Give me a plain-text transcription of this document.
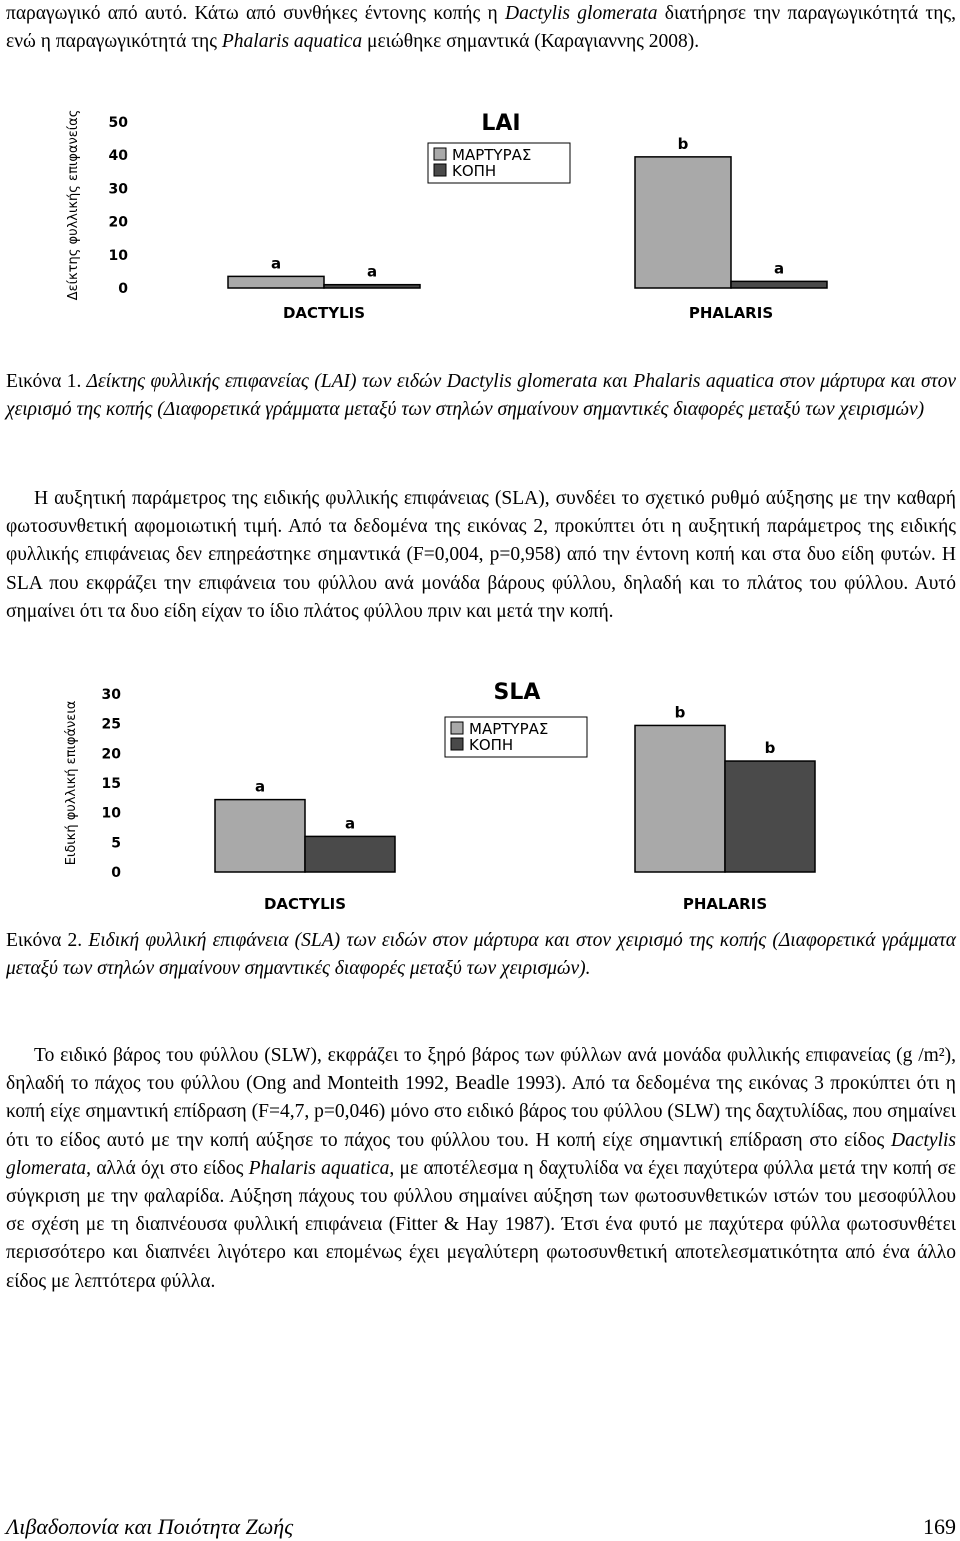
παραγωγικό από αυτό. Κάτω από συνθήκες έντονης κοπής η Dactylis glomerata διατήρησε την παραγωγικότητά της, ενώ η παραγωγικότητά της Phalaris aquatica μειώθηκε σημαντικά (Καραγιαννης 2008).

Δείκτης φυλλικής επιφανείας	0
10
20
30
40
50
a	a
DACTYLIS
b
a
PHALARIS
LAI
ΜΑΡΤΥΡΑΣ
ΚΟΠΗ

Εικόνα 1. Δείκτης φυλλικής επιφανείας (LAI) των ειδών Dactylis glomerata και Phalaris aquatica στον μάρτυρα και στον χειρισμό της κοπής (Διαφορετικά γράμματα μεταξύ των στηλών σημαίνουν σημαντικές διαφορές μεταξύ των χειρισμών)

Η αυξητική παράμετρος της ειδικής φυλλικής επιφάνειας (SLA), συνδέει το σχετικό ρυθμό αύξησης με την καθαρή φωτοσυνθετική αφομοιωτική τιμή. Από τα δεδομένα της εικόνας 2, προκύπτει ότι η αυξητική παράμετρος της ειδικής φυλλικής επιφάνειας δεν επηρεάστηκε σημαντικά (F=0,004, p=0,958) από την έντονη κοπή και στα δυο είδη φυτών. Η SLA που εκφράζει την επιφάνεια του φύλλου ανά μονάδα βάρους φύλλου, δηλαδή και το πλάτος του φύλλου. Αυτό σημαίνει ότι τα δυο είδη είχαν το ίδιο πλάτος φύλλου πριν και μετά την κοπή.

Ειδική φυλλική επιφάνεια
0
5
10
15
20
25
30
a
a
DACTYLIS
b
b
PHALARIS
SLA
ΜΑΡΤΥΡΑΣ
ΚΟΠΗ

Εικόνα 2. Ειδική φυλλική επιφάνεια (SLA) των ειδών στον μάρτυρα και στον χειρισμό της κοπής (Διαφορετικά γράμματα μεταξύ των στηλών σημαίνουν σημαντικές διαφορές μεταξύ των χειρισμών).

Το ειδικό βάρος του φύλλου (SLW), εκφράζει το ξηρό βάρος των φύλλων ανά μονάδα φυλλικής επιφανείας (g /m²), δηλαδή το πάχος του φύλλου (Ong and Monteith 1992, Beadle 1993). Από τα δεδομένα της εικόνας 3 προκύπτει ότι η κοπή είχε σημαντική επίδραση (F=4,7, p=0,046) μόνο στο ειδικό βάρος του φύλλου (SLW) της δαχτυλίδας, που σημαίνει ότι το είδος αυτό με την κοπή αύξησε το πάχος του φύλλου του. Η κοπή είχε σημαντική επίδραση στο είδος Dactylis glomerata, αλλά όχι στο είδος Phalaris aquatica, με αποτέλεσμα η δαχτυλίδα να έχει παχύτερα φύλλα μετά την κοπή σε σύγκριση με την φαλαρίδα. Αύξηση πάχους του φύλλου σημαίνει αύξηση των φωτοσυνθετικών ιστών του μεσοφύλλου σε σχέση με τη διαπνέουσα φυλλική επιφάνεια (Fitter & Hay 1987). Έτσι ένα φυτό με παχύτερα φύλλα φωτοσυνθέτει περισσότερο και διαπνέει λιγότερο και επομένως έχει μεγαλύτερη φωτοσυνθετική αποτελεσματικότητα από ένα άλλο είδος με λεπτότερα φύλλα.

Λιβαδοπονία και Ποιότητα Ζωής	169
